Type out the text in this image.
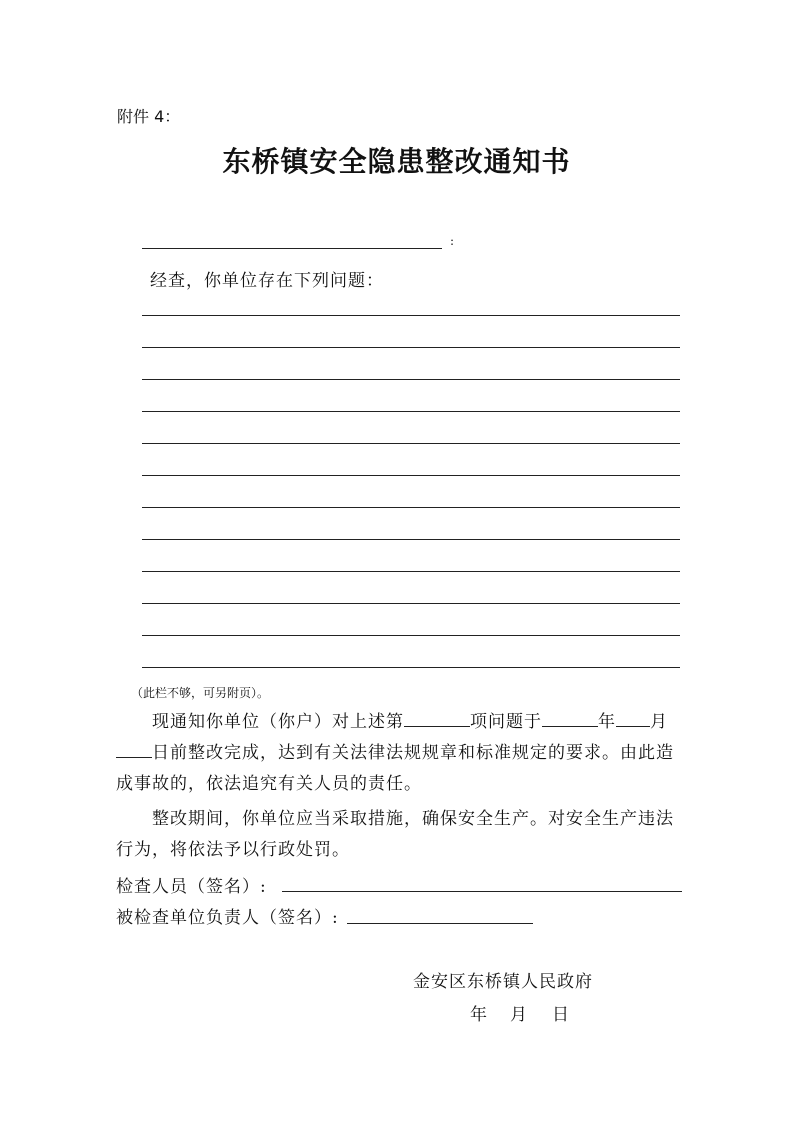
附件 4：
东桥镇安全隐患整改通知书
:
经查，你单位存在下列问题：
（此栏不够，可另附页）。

现通知你单位（你户）对上述第	项问题于	年 月日前整改完成，达到有关法律法规规章和标准规定的要求。由此造成事故的，依法追究有关人员的责任。

整改期间，你单位应当采取措施，确保安全生产。对安全生产违法行为，将依法予以行政处罚。

检查人员（签名）:
被检查单位负责人（签名）:
金安区东桥镇人民政府
年 月 日
